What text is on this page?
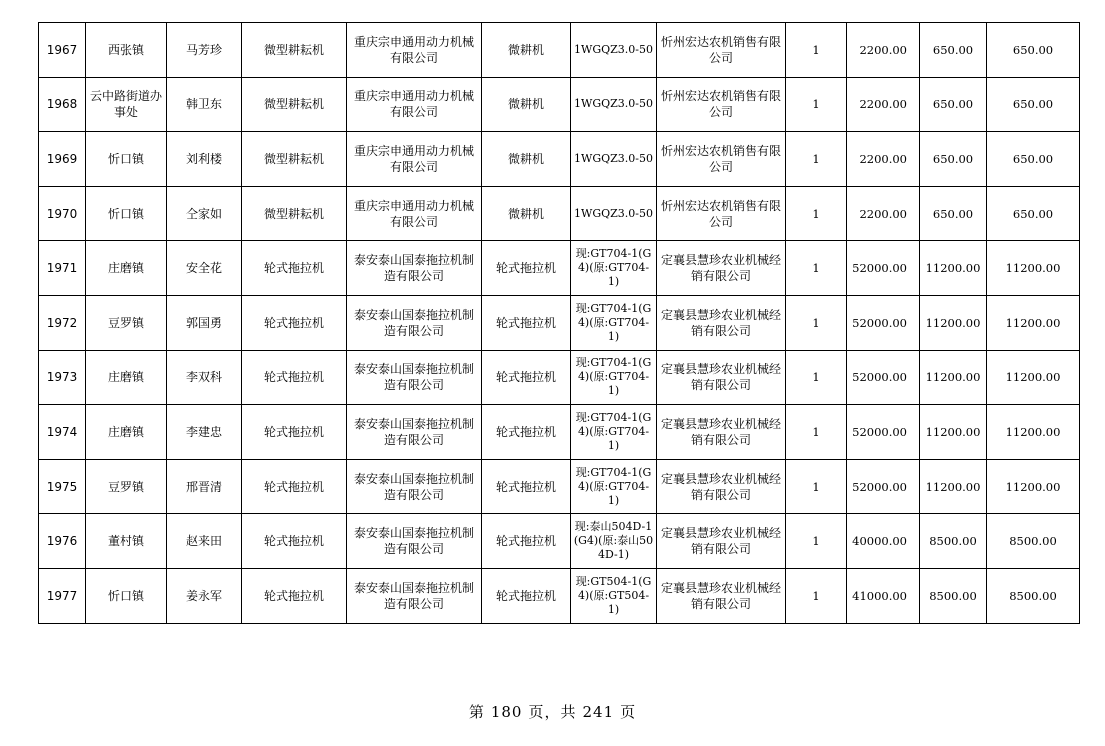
1967	西张镇	马芳珍	微型耕耘机	重庆宗申通用动力机械有限公司	微耕机	1WGQZ3.0-50	忻州宏达农机销售有限公司	1	2200.00	650.00	650.00
1968	云中路街道办事处	韩卫东	微型耕耘机	重庆宗申通用动力机械有限公司	微耕机	1WGQZ3.0-50	忻州宏达农机销售有限公司	1	2200.00	650.00	650.00
1969	忻口镇	刘利楼	微型耕耘机	重庆宗申通用动力机械有限公司	微耕机	1WGQZ3.0-50	忻州宏达农机销售有限公司	1	2200.00	650.00	650.00
1970	忻口镇	仝家如	微型耕耘机	重庆宗申通用动力机械有限公司	微耕机	1WGQZ3.0-50	忻州宏达农机销售有限公司	1	2200.00	650.00	650.00
1971	庄磨镇	安全花	轮式拖拉机	泰安泰山国泰拖拉机制造有限公司	轮式拖拉机	现:GT704-1(G4)(原:GT704-1)	定襄县慧珍农业机械经销有限公司	1	52000.00	11200.00	11200.00
1972	豆罗镇	郭国勇	轮式拖拉机	泰安泰山国泰拖拉机制造有限公司	轮式拖拉机	现:GT704-1(G4)(原:GT704-1)	定襄县慧珍农业机械经销有限公司	1	52000.00	11200.00	11200.00
1973	庄磨镇	李双科	轮式拖拉机	泰安泰山国泰拖拉机制造有限公司	轮式拖拉机	现:GT704-1(G4)(原:GT704-1)	定襄县慧珍农业机械经销有限公司	1	52000.00	11200.00	11200.00
1974	庄磨镇	李建忠	轮式拖拉机	泰安泰山国泰拖拉机制造有限公司	轮式拖拉机	现:GT704-1(G4)(原:GT704-1)	定襄县慧珍农业机械经销有限公司	1	52000.00	11200.00	11200.00
1975	豆罗镇	邢晋清	轮式拖拉机	泰安泰山国泰拖拉机制造有限公司	轮式拖拉机	现:GT704-1(G4)(原:GT704-1)	定襄县慧珍农业机械经销有限公司	1	52000.00	11200.00	11200.00
1976	董村镇	赵来田	轮式拖拉机	泰安泰山国泰拖拉机制造有限公司	轮式拖拉机	现:泰山504D-1(G4)(原:泰山504D-1)	定襄县慧珍农业机械经销有限公司	1	40000.00	8500.00	8500.00
1977	忻口镇	姜永军	轮式拖拉机	泰安泰山国泰拖拉机制造有限公司	轮式拖拉机	现:GT504-1(G4)(原:GT504-1)	定襄县慧珍农业机械经销有限公司	1	41000.00	8500.00	8500.00
第 180 页，共 241 页
